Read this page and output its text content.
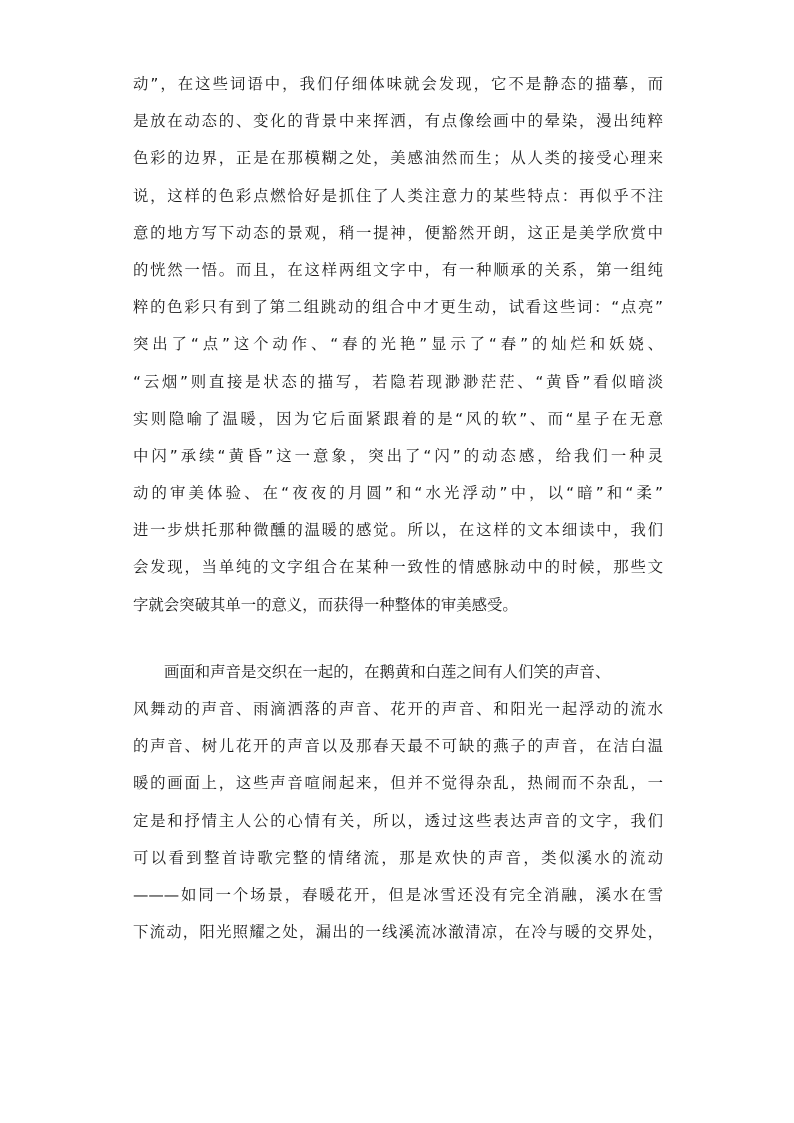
动”，在这些词语中，我们仔细体味就会发现，它不是静态的描摹，而
是放在动态的、变化的背景中来挥洒，有点像绘画中的晕染，漫出纯粹
色彩的边界，正是在那模糊之处，美感油然而生；从人类的接受心理来
说，这样的色彩点燃恰好是抓住了人类注意力的某些特点：再似乎不注
意的地方写下动态的景观，稍一提神，便豁然开朗，这正是美学欣赏中
的恍然一悟。而且，在这样两组文字中，有一种顺承的关系，第一组纯
粹的色彩只有到了第二组跳动的组合中才更生动，试看这些词：“点亮”
突出了“点”这个动作、“春的光艳”显示了“春”的灿烂和妖娆、
“云烟”则直接是状态的描写，若隐若现渺渺茫茫、“黄昏”看似暗淡
实则隐喻了温暖，因为它后面紧跟着的是“风的软”、而“星子在无意
中闪”承续“黄昏”这一意象，突出了“闪”的动态感，给我们一种灵
动的审美体验、在“夜夜的月圆”和“水光浮动”中，以“暗”和“柔”
进一步烘托那种微醺的温暖的感觉。所以，在这样的文本细读中，我们
会发现，当单纯的文字组合在某种一致性的情感脉动中的时候，那些文
字就会突破其单一的意义，而获得一种整体的审美感受。
画面和声音是交织在一起的，在鹅黄和白莲之间有人们笑的声音、
风舞动的声音、雨滴洒落的声音、花开的声音、和阳光一起浮动的流水
的声音、树儿花开的声音以及那春天最不可缺的燕子的声音，在洁白温
暖的画面上，这些声音喧闹起来，但并不觉得杂乱，热闹而不杂乱，一
定是和抒情主人公的心情有关，所以，透过这些表达声音的文字，我们
可以看到整首诗歌完整的情绪流，那是欢快的声音，类似溪水的流动
———如同一个场景，春暖花开，但是冰雪还没有完全消融，溪水在雪
下流动，阳光照耀之处，漏出的一线溪流冰澈清凉，在冷与暖的交界处，
